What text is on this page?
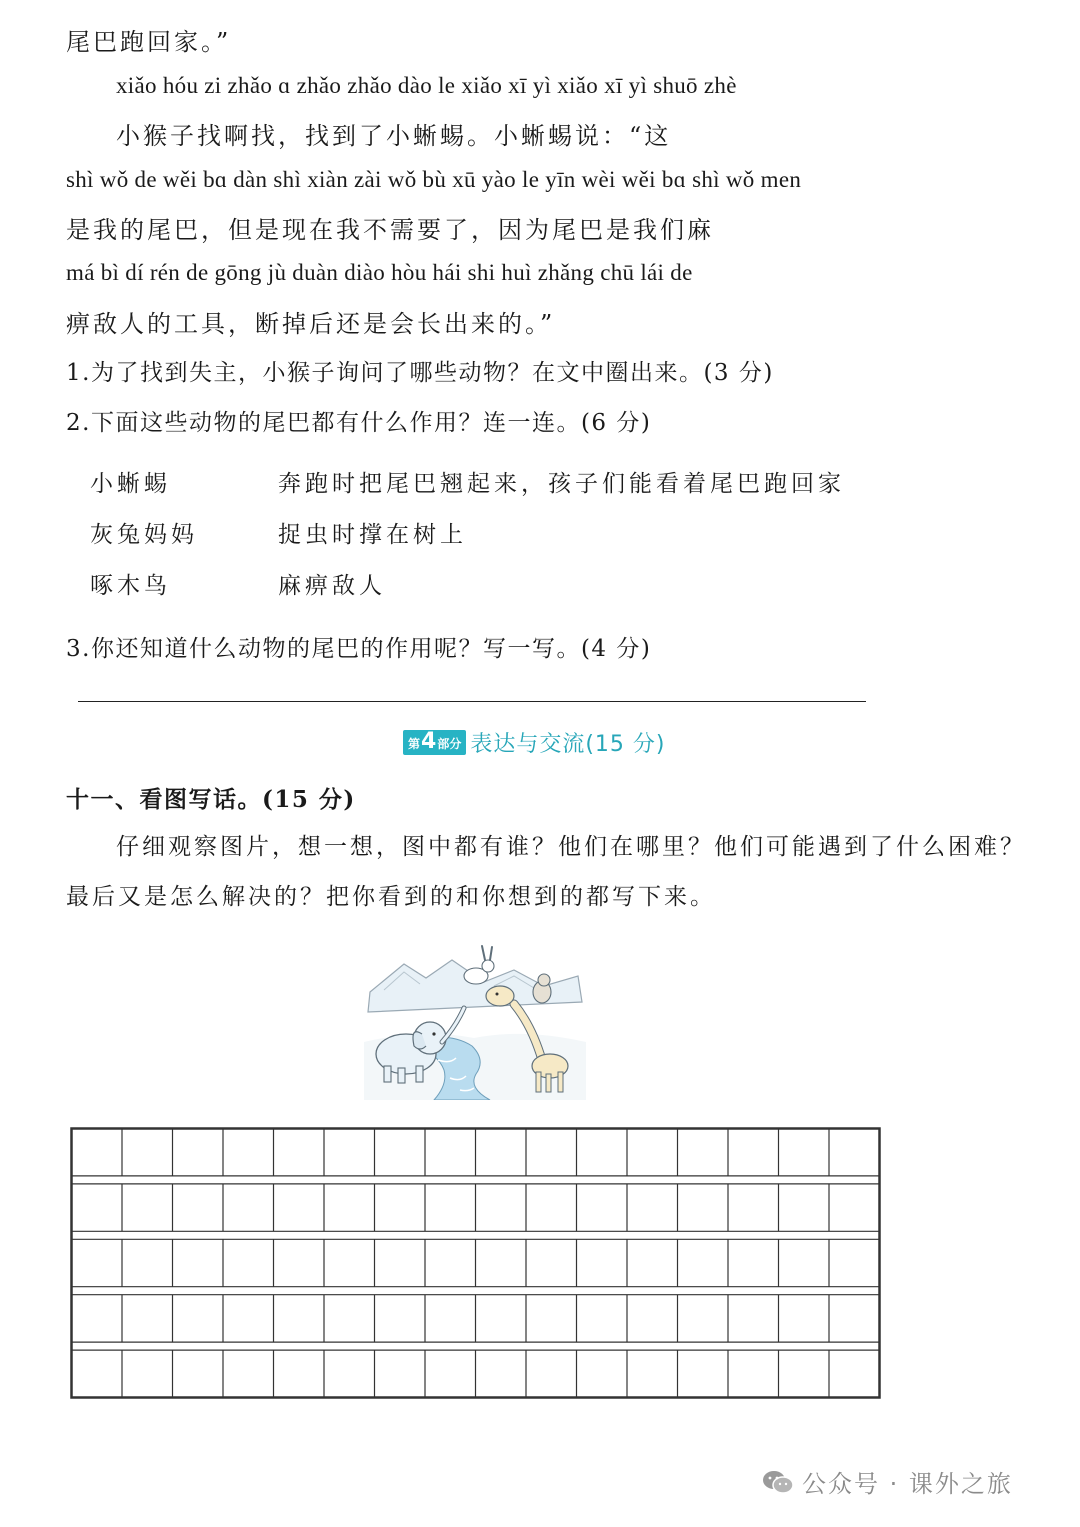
尾巴跑回家。”
xiǎo hóu zi zhǎo ɑ zhǎo zhǎo dào le xiǎo xī yì xiǎo xī yì shuō zhè
小猴子找啊找，找到了小蜥蜴。小蜥蜴说：“这
shì wǒ de wěi bɑ dàn shì xiàn zài wǒ bù xū yào le yīn wèi wěi bɑ shì wǒ men
是我的尾巴，但是现在我不需要了，因为尾巴是我们麻
má bì dí rén de gōng jù duàn diào hòu hái shi huì zhǎng chū lái de
痹敌人的工具，断掉后还是会长出来的。”
1.为了找到失主，小猴子询问了哪些动物？在文中圈出来。(3 分)
2.下面这些动物的尾巴都有什么作用？连一连。(6 分)
小蜥蜴
灰兔妈妈
啄木鸟
奔跑时把尾巴翘起来，孩子们能看着尾巴跑回家
捉虫时撑在树上
麻痹敌人
3.你还知道什么动物的尾巴的作用呢？写一写。(4 分)
第 4 部分 表达与交流(15 分)
十一、看图写话。(15 分)
仔细观察图片，想一想，图中都有谁？他们在哪里？他们可能遇到了什么困难？
最后又是怎么解决的？把你看到的和你想到的都写下来。
公众号 · 课外之旅
